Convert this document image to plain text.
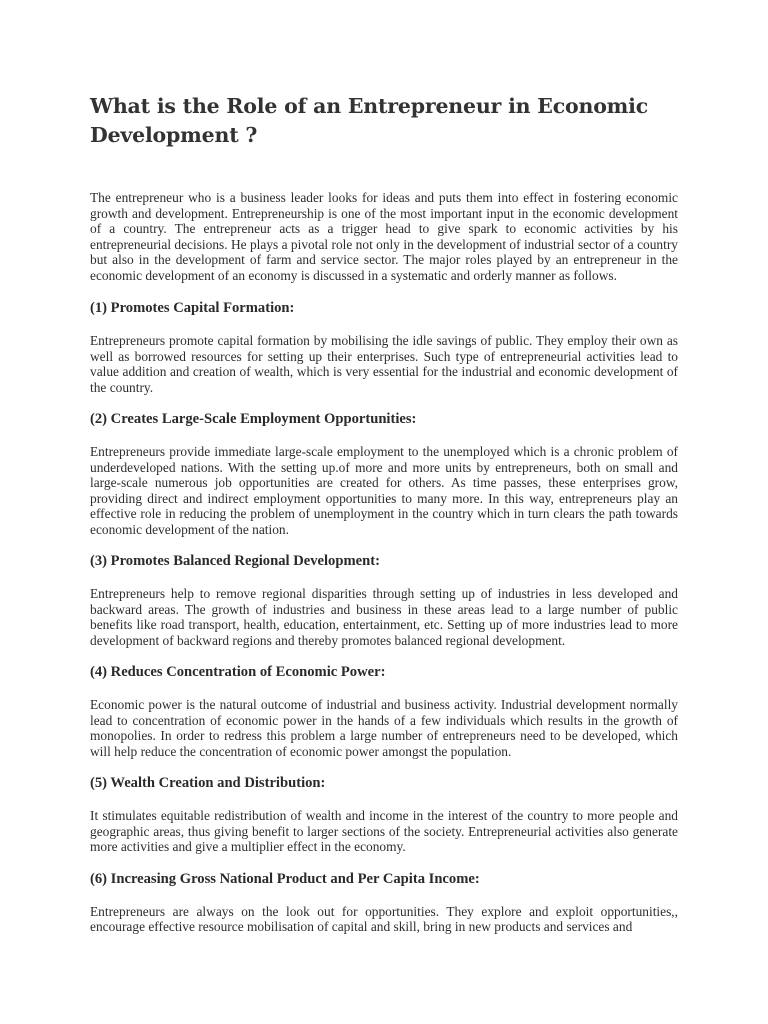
What is the Role of an Entrepreneur in Economic Development ?

The entrepreneur who is a business leader looks for ideas and puts them into effect in fostering economic growth and development. Entrepreneurship is one of the most important input in the economic development of a country. The entrepreneur acts as a trigger head to give spark to economic activities by his entrepreneurial decisions. He plays a pivotal role not only in the development of industrial sector of a country but also in the development of farm and service sector. The major roles played by an entrepreneur in the economic development of an economy is discussed in a systematic and orderly manner as follows.

(1) Promotes Capital Formation:

Entrepreneurs promote capital formation by mobilising the idle savings of public. They employ their own as well as borrowed resources for setting up their enterprises. Such type of entrepreneurial activities lead to value addition and creation of wealth, which is very essential for the industrial and economic development of the country.

(2) Creates Large-Scale Employment Opportunities:

Entrepreneurs provide immediate large-scale employment to the unemployed which is a chronic problem of underdeveloped nations. With the setting up.of more and more units by entrepreneurs, both on small and large-scale numerous job opportunities are created for others. As time passes, these enterprises grow, providing direct and indirect employment opportunities to many more. In this way, entrepreneurs play an effective role in reducing the problem of unemployment in the country which in turn clears the path towards economic development of the nation.

(3) Promotes Balanced Regional Development:

Entrepreneurs help to remove regional disparities through setting up of industries in less developed and backward areas. The growth of industries and business in these areas lead to a large number of public benefits like road transport, health, education, entertainment, etc. Setting up of more industries lead to more development of backward regions and thereby promotes balanced regional development.

(4) Reduces Concentration of Economic Power:

Economic power is the natural outcome of industrial and business activity. Industrial development normally lead to concentration of economic power in the hands of a few individuals which results in the growth of monopolies. In order to redress this problem a large number of entrepreneurs need to be developed, which will help reduce the concentration of economic power amongst the population.

(5) Wealth Creation and Distribution:

It stimulates equitable redistribution of wealth and income in the interest of the country to more people and geographic areas, thus giving benefit to larger sections of the society. Entrepreneurial activities also generate more activities and give a multiplier effect in the economy.

(6) Increasing Gross National Product and Per Capita Income:

Entrepreneurs are always on the look out for opportunities. They explore and exploit opportunities,, encourage effective resource mobilisation of capital and skill, bring in new products and services and
